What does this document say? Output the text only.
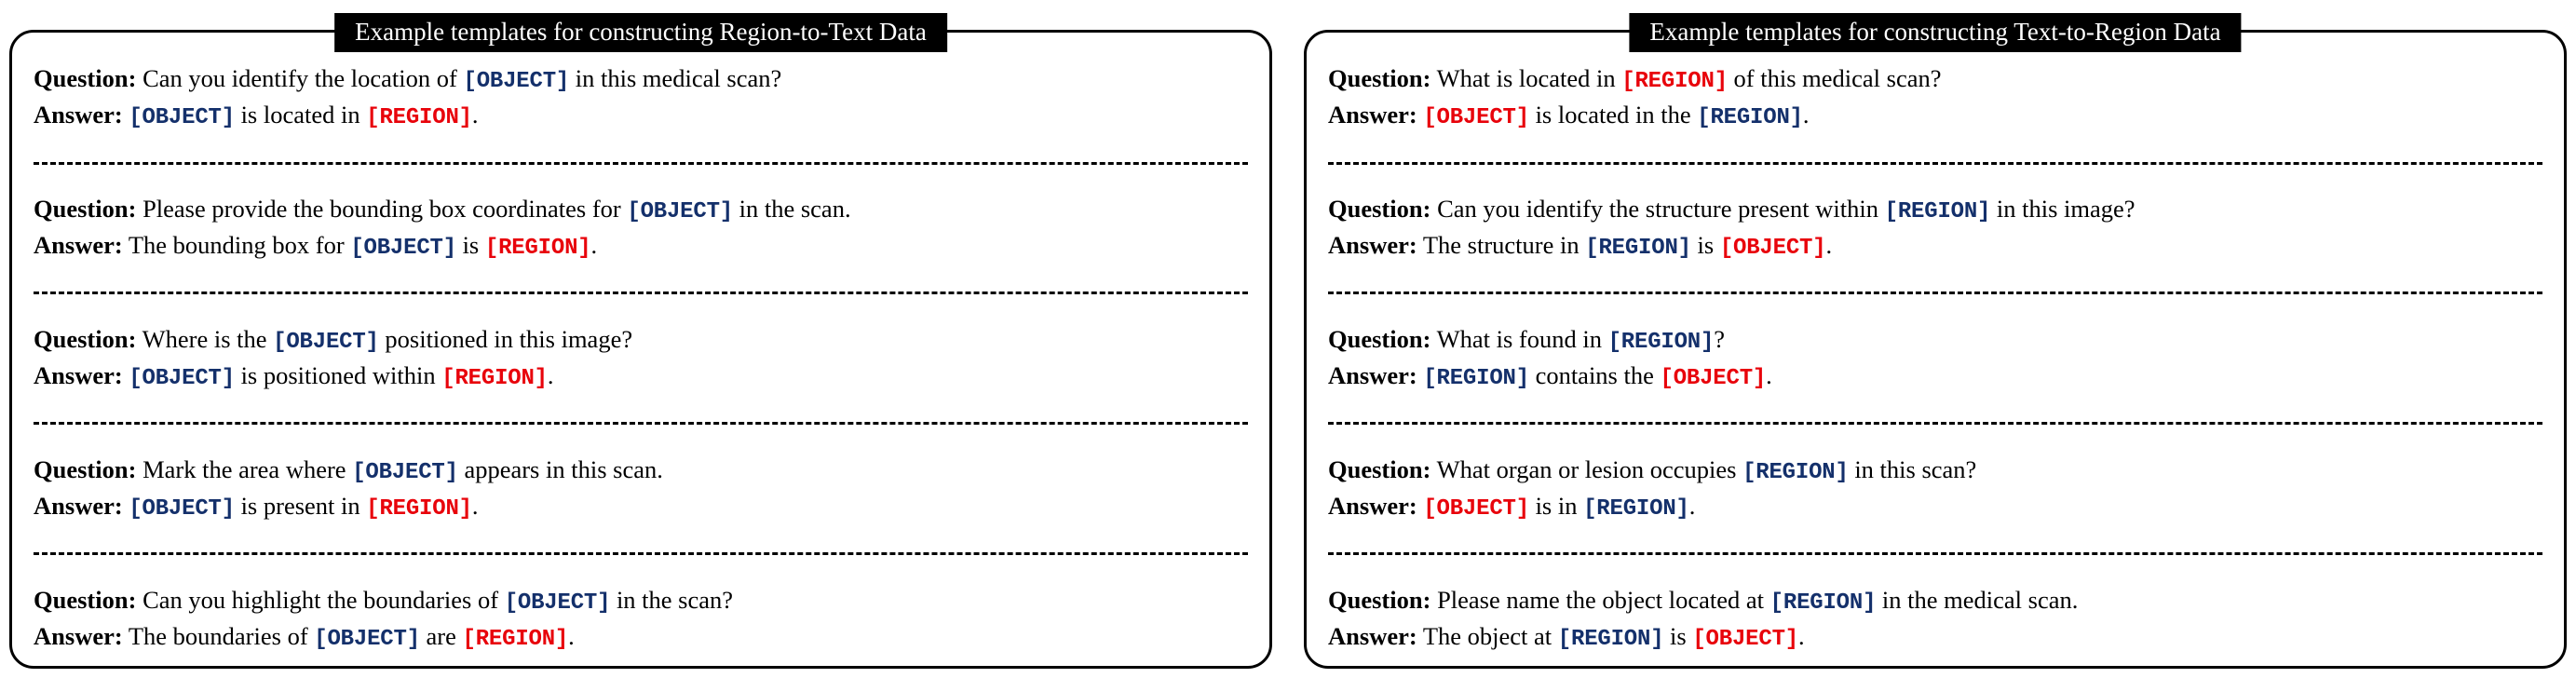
Example templates for constructing Region-to-Text Data
Question: Can you identify the location of [OBJECT] in this medical scan?
Answer: [OBJECT] is located in [REGION].
Question: Please provide the bounding box coordinates for [OBJECT] in the scan.
Answer: The bounding box for [OBJECT] is [REGION].
Question: Where is the [OBJECT] positioned in this image?
Answer: [OBJECT] is positioned within [REGION].
Question: Mark the area where [OBJECT] appears in this scan.
Answer: [OBJECT] is present in [REGION].
Question: Can you highlight the boundaries of [OBJECT] in the scan?
Answer: The boundaries of [OBJECT] are [REGION].
Example templates for constructing Text-to-Region Data
Question: What is located in [REGION] of this medical scan?
Answer: [OBJECT] is located in the [REGION].
Question: Can you identify the structure present within [REGION] in this image?
Answer: The structure in [REGION] is [OBJECT].
Question: What is found in [REGION]?
Answer: [REGION] contains the [OBJECT].
Question: What organ or lesion occupies [REGION] in this scan?
Answer: [OBJECT] is in [REGION].
Question: Please name the object located at [REGION] in the medical scan.
Answer: The object at [REGION] is [OBJECT].
